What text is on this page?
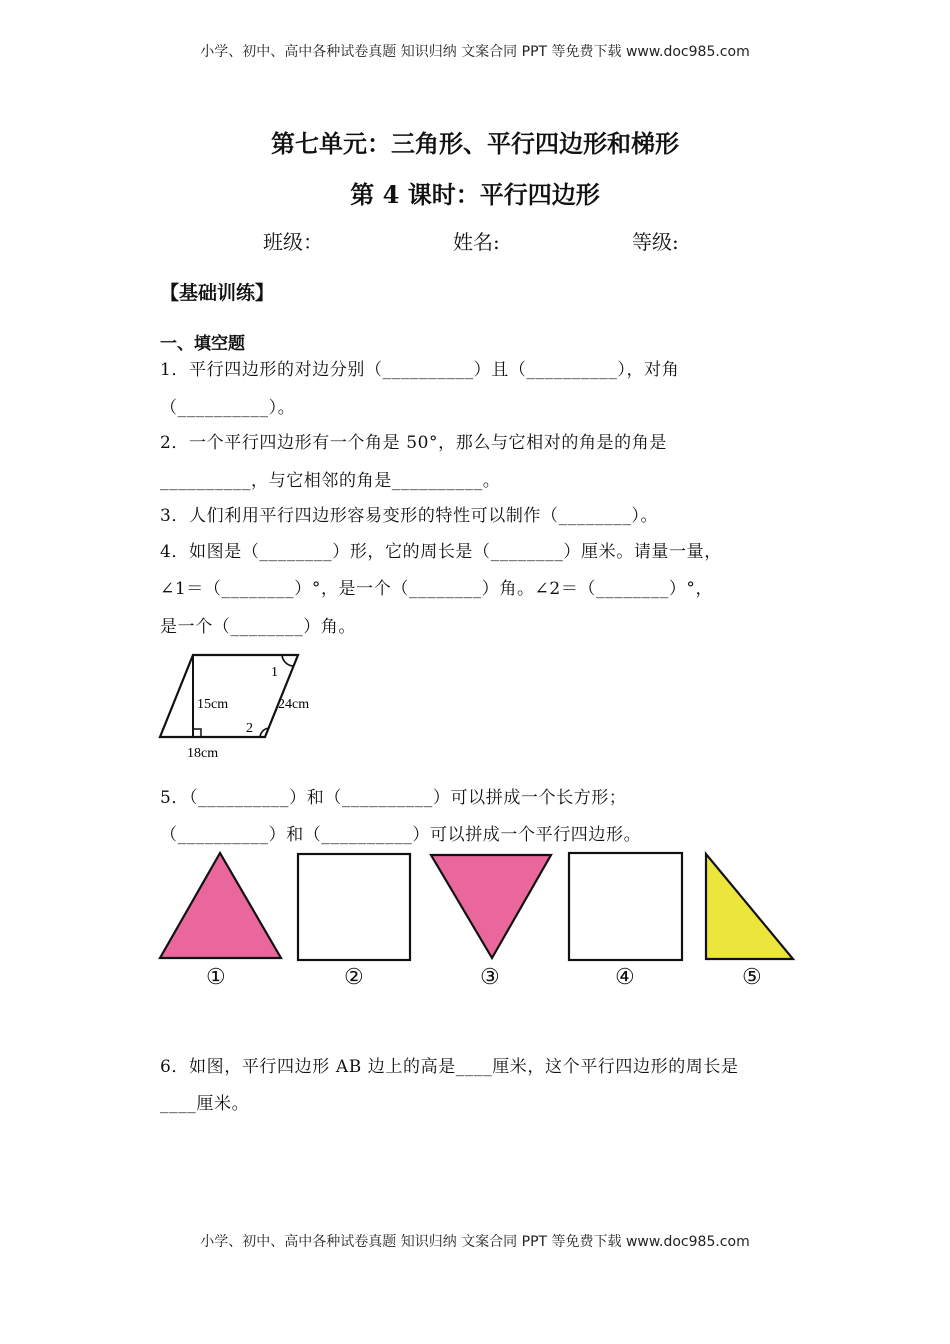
小学、初中、高中各种试卷真题 知识归纳 文案合同 PPT 等免费下载 www.doc985.com
第七单元：三角形、平行四边形和梯形
第 4 课时：平行四边形
班级：	姓名:	等级:
【基础训练】
一、填空题
1．平行四边形的对边分别（__________）且（__________），对角
（__________）。
2．一个平行四边形有一个角是 50°，那么与它相对的角是的角是
__________，与它相邻的角是__________。
3．人们利用平行四边形容易变形的特性可以制作（________）。
4．如图是（________）形，它的周长是（________）厘米。请量一量，
∠1＝（________）°，是一个（________）角。∠2＝（________）°，
是一个（________）角。
1
2
15cm	24cm
18cm
5．（__________）和（__________）可以拼成一个长方形；
（__________）和（__________）可以拼成一个平行四边形。
①	②	③	④	⑤
6．如图，平行四边形 AB 边上的高是____厘米，这个平行四边形的周长是
____厘米。
小学、初中、高中各种试卷真题 知识归纳 文案合同 PPT 等免费下载 www.doc985.com
